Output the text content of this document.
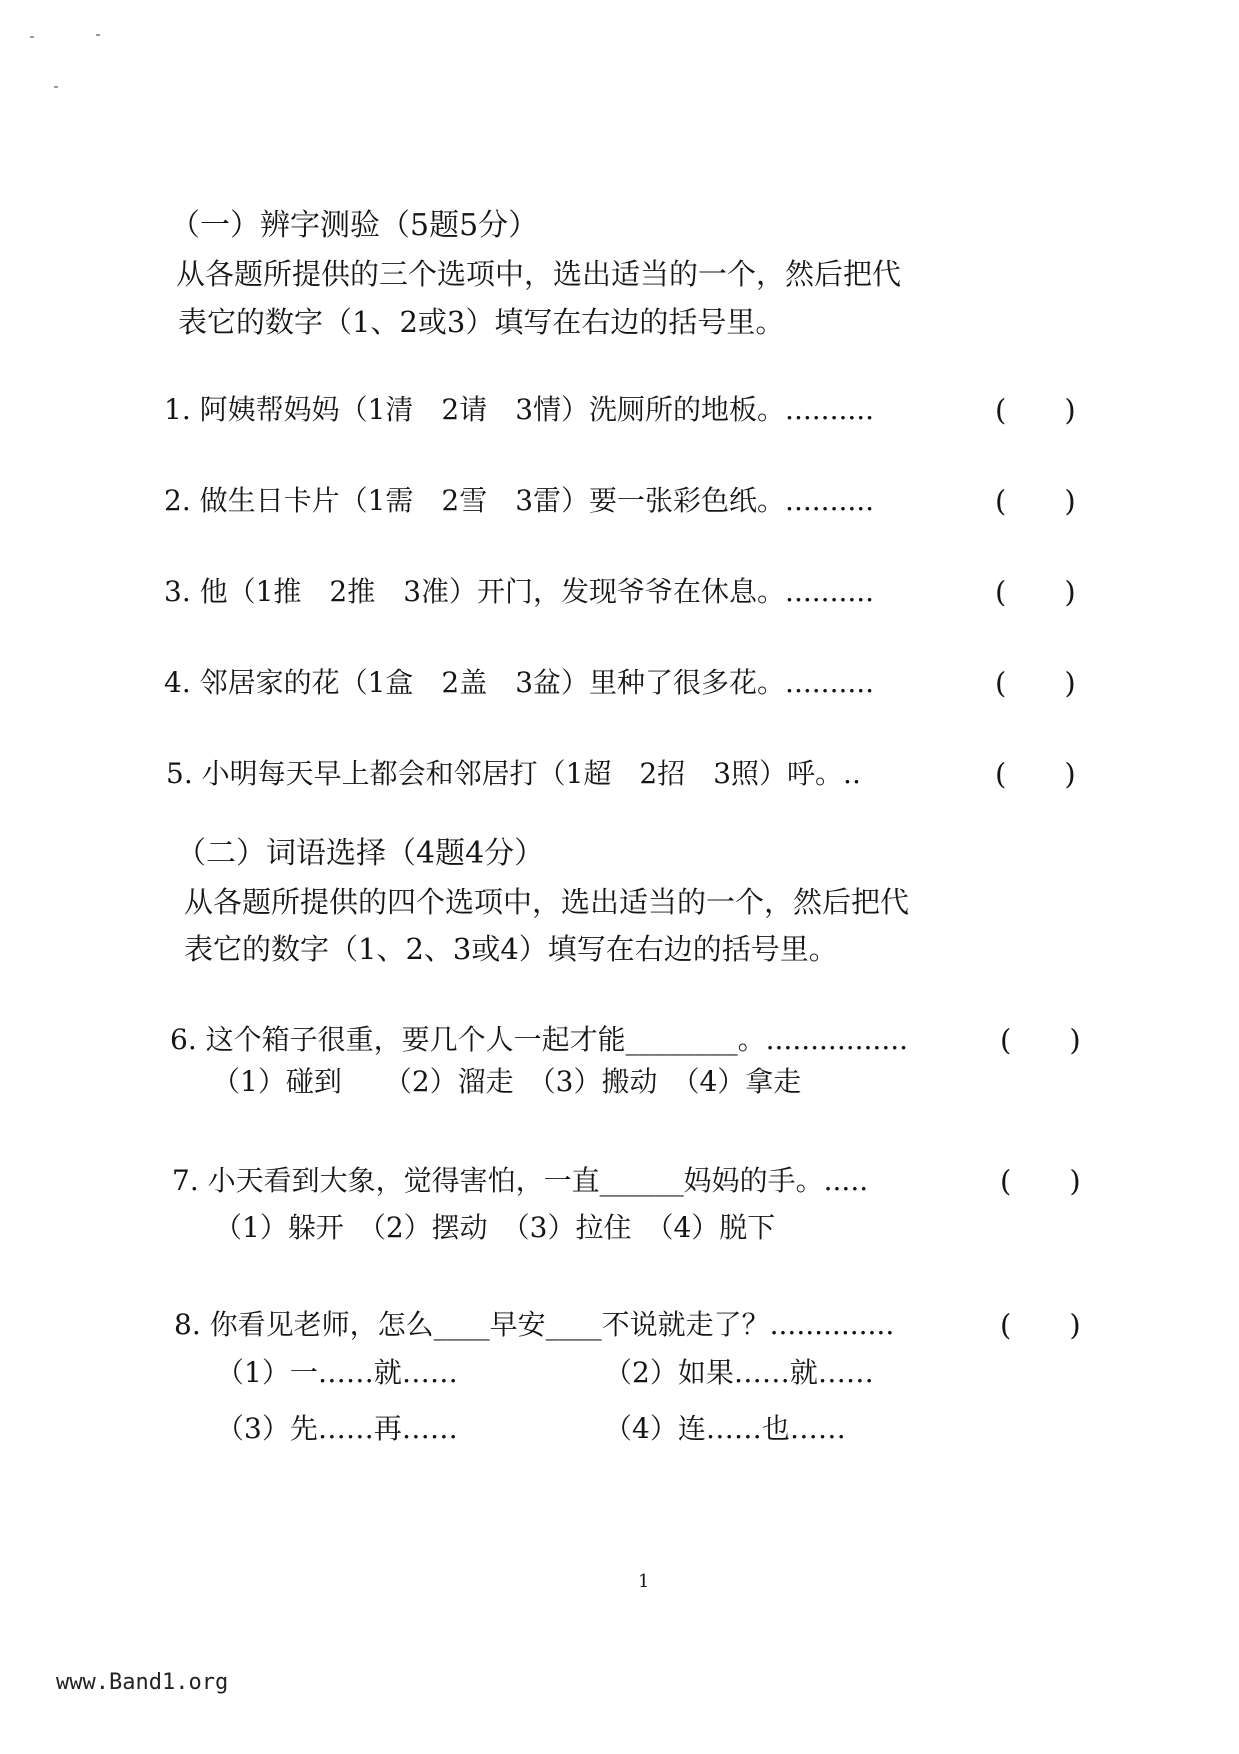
（一）辨字测验（5题5分）
从各题所提供的三个选项中，选出适当的一个，然后把代
表它的数字（1、2或3）填写在右边的括号里。
1. 阿姨帮妈妈（1清　2请　3情）洗厕所的地板。..........	(　　)
2. 做生日卡片（1需　2雪　3雷）要一张彩色纸。..........	(　　)
3. 他（1推　2推　3准）开门，发现爷爷在休息。..........	(　　)
4. 邻居家的花（1盒　2盖　3盆）里种了很多花。..........	(　　)
5. 小明每天早上都会和邻居打（1超　2招　3照）呼。..	(　　)
（二）词语选择（4题4分）
从各题所提供的四个选项中，选出适当的一个，然后把代
表它的数字（1、2、3或4）填写在右边的括号里。
6. 这个箱子很重，要几个人一起才能________。................	(　　)
（1）碰到　　（2）溜走　（3）搬动　（4）拿走
7. 小天看到大象，觉得害怕，一直______妈妈的手。.....	(　　)
（1）躲开　（2）摆动　（3）拉住　（4）脱下
8. 你看见老师，怎么____早安____不说就走了？..............	(　　)
（1）一……就……	（2）如果……就……
（3）先……再……	（4）连……也……
1
www.Band1.org
